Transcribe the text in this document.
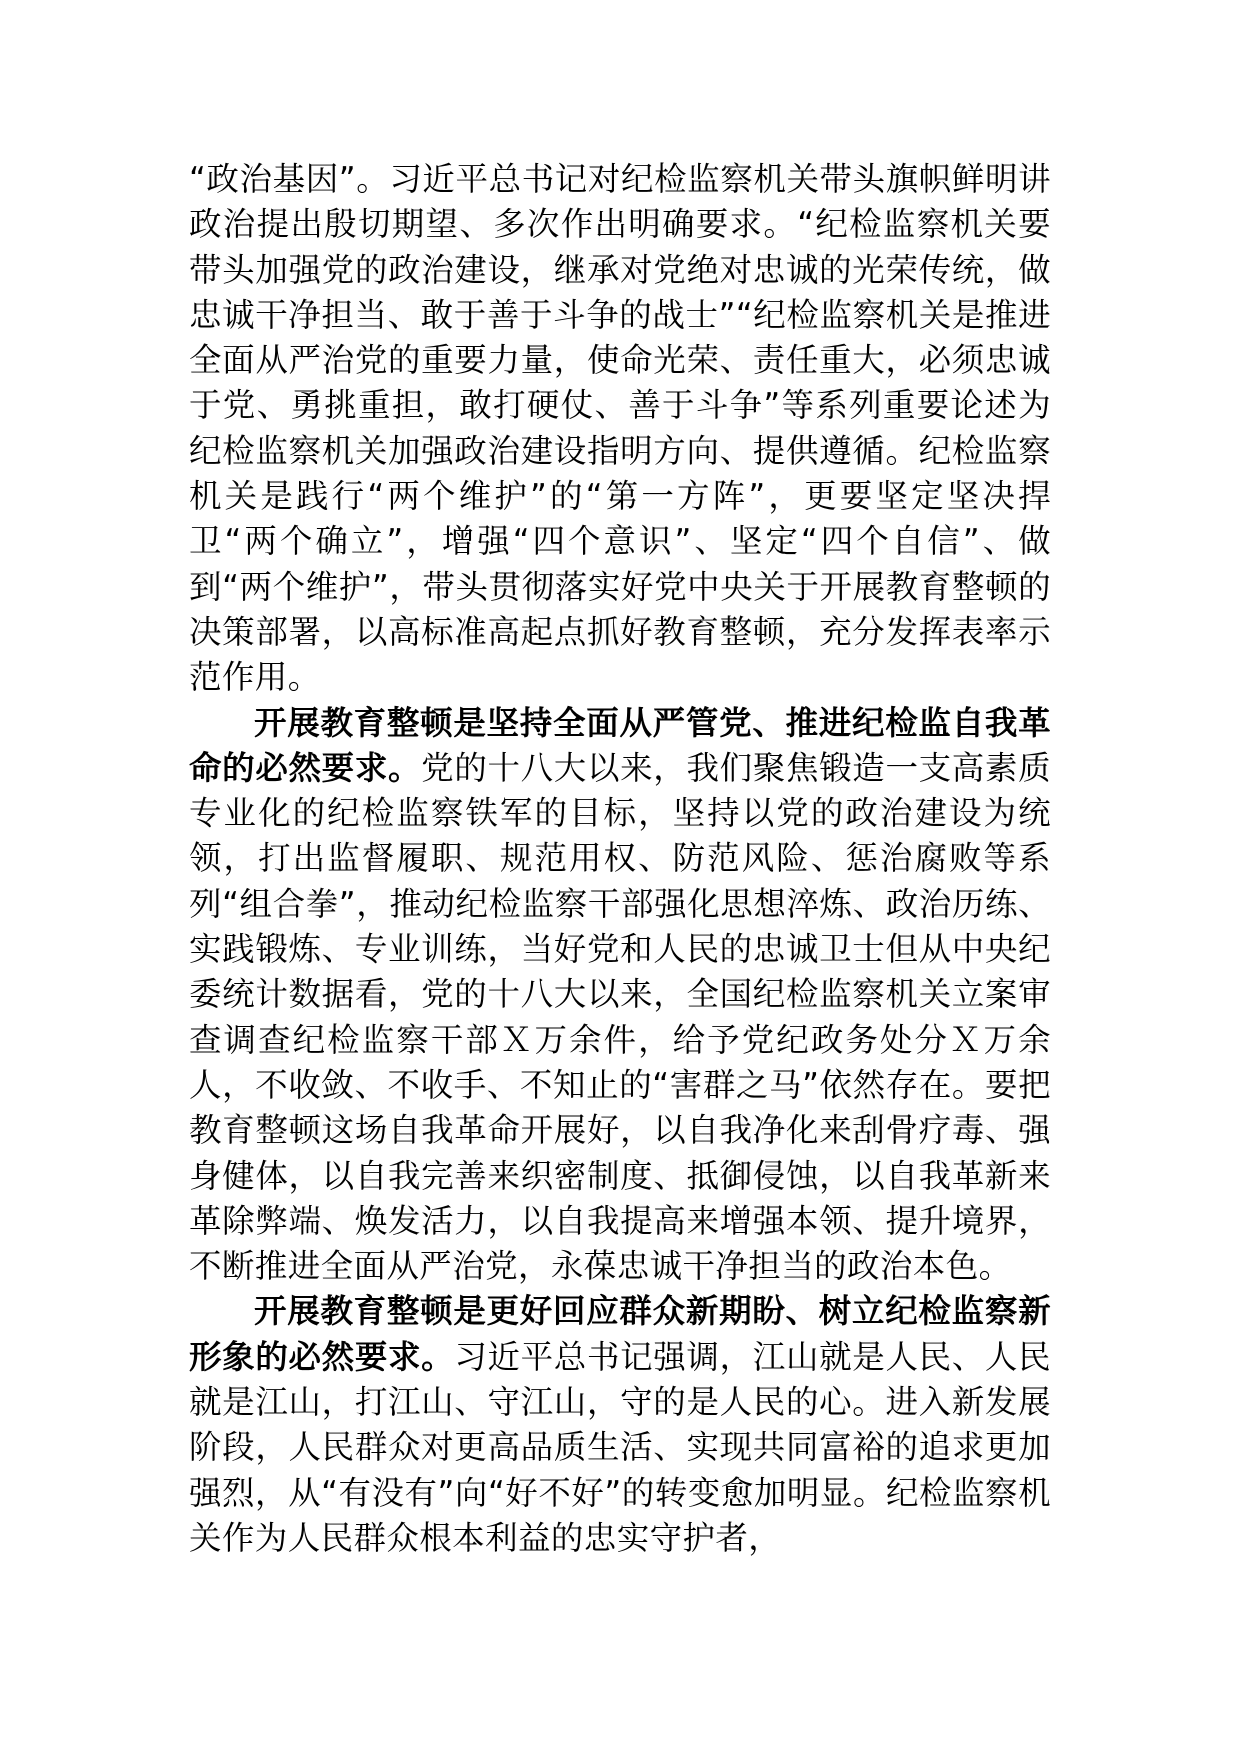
“政治基因”。习近平总书记对纪检监察机关带头旗帜鲜明讲政治提出殷切期望、多次作出明确要求。“纪检监察机关要带头加强党的政治建设，继承对党绝对忠诚的光荣传统，做忠诚干净担当、敢于善于斗争的战士”“纪检监察机关是推进全面从严治党的重要力量，使命光荣、责任重大，必须忠诚于党、勇挑重担，敢打硬仗、善于斗争”等系列重要论述为纪检监察机关加强政治建设指明方向、提供遵循。纪检监察机关是践行“两个维护”的“第一方阵”，更要坚定坚决捍卫“两个确立”，增强“四个意识”、坚定“四个自信”、做到“两个维护”，带头贯彻落实好党中央关于开展教育整顿的决策部署，以高标准高起点抓好教育整顿，充分发挥表率示范作用。

开展教育整顿是坚持全面从严管党、推进纪检监自我革命的必然要求。党的十八大以来，我们聚焦锻造一支高素质专业化的纪检监察铁军的目标，坚持以党的政治建设为统领，打出监督履职、规范用权、防范风险、惩治腐败等系列“组合拳”，推动纪检监察干部强化思想淬炼、政治历练、实践锻炼、专业训练，当好党和人民的忠诚卫士但从中央纪委统计数据看，党的十八大以来，全国纪检监察机关立案审查调查纪检监察干部Ｘ万余件，给予党纪政务处分Ｘ万余人，不收敛、不收手、不知止的“害群之马”依然存在。要把教育整顿这场自我革命开展好，以自我净化来刮骨疗毒、强身健体，以自我完善来织密制度、抵御侵蚀，以自我革新来革除弊端、焕发活力，以自我提高来增强本领、提升境界，不断推进全面从严治党，永葆忠诚干净担当的政治本色。

开展教育整顿是更好回应群众新期盼、树立纪检监察新形象的必然要求。习近平总书记强调，江山就是人民、人民就是江山，打江山、守江山，守的是人民的心。进入新发展阶段，人民群众对更高品质生活、实现共同富裕的追求更加强烈，从“有没有”向“好不好”的转变愈加明显。纪检监察机关作为人民群众根本利益的忠实守护者，
